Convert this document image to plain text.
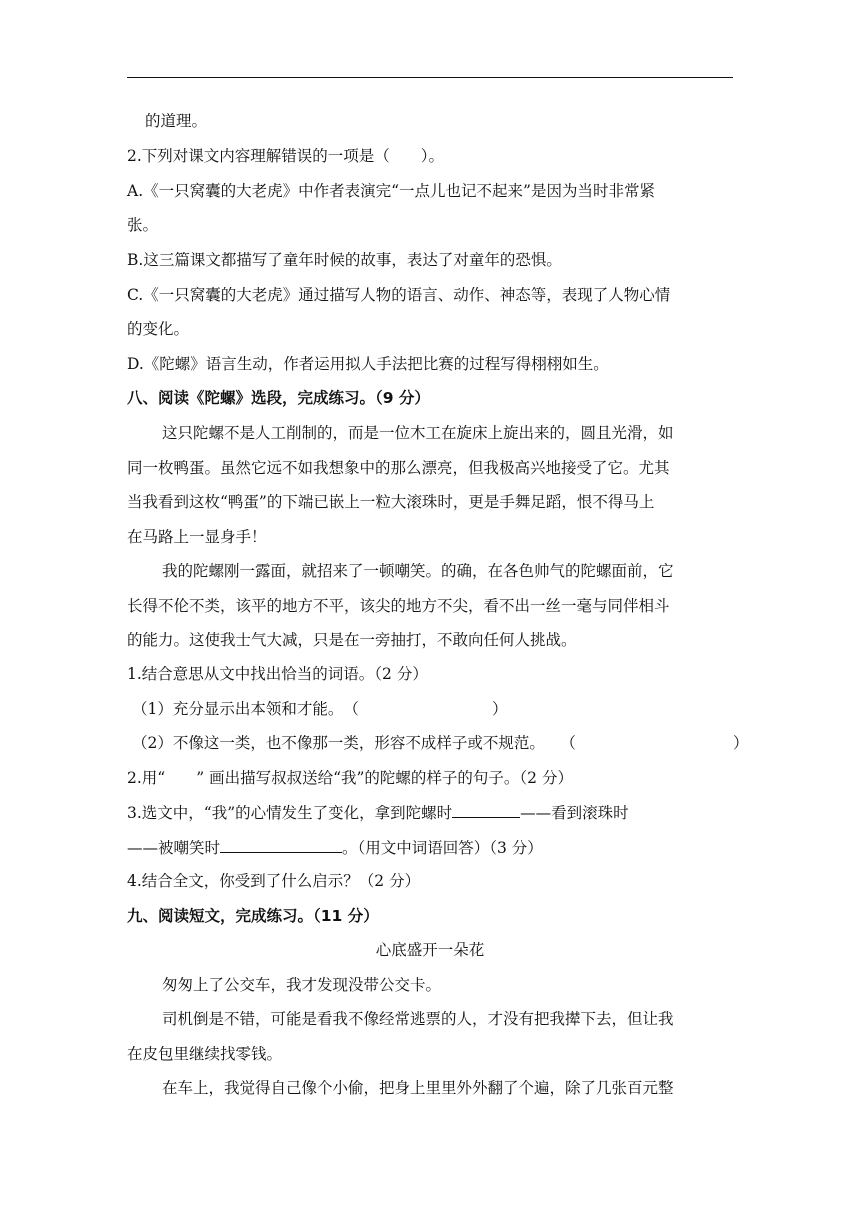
的道理。
2.下列对课文内容理解错误的一项是（　　）。
A.《一只窝囊的大老虎》中作者表演完“一点儿也记不起来”是因为当时非常紧
张。
B.这三篇课文都描写了童年时候的故事，表达了对童年的恐惧。
C.《一只窝囊的大老虎》通过描写人物的语言、动作、神态等，表现了人物心情
的变化。
D.《陀螺》语言生动，作者运用拟人手法把比赛的过程写得栩栩如生。
八、阅读《陀螺》选段，完成练习。（9 分）
这只陀螺不是人工削制的，而是一位木工在旋床上旋出来的，圆且光滑，如
同一枚鸭蛋。虽然它远不如我想象中的那么漂亮，但我极高兴地接受了它。尤其
当我看到这枚“鸭蛋”的下端已嵌上一粒大滚珠时，更是手舞足蹈，恨不得马上
在马路上一显身手！
我的陀螺刚一露面，就招来了一顿嘲笑。的确，在各色帅气的陀螺面前，它
长得不伦不类，该平的地方不平，该尖的地方不尖，看不出一丝一毫与同伴相斗
的能力。这使我士气大减，只是在一旁抽打，不敢向任何人挑战。
1.结合意思从文中找出恰当的词语。（2 分）
（1）充分显示出本领和才能。　（	）
（2）不像这一类，也不像那一类，形容不成样子或不规范。　　（	）
2.用“　　” 画出描写叔叔送给“我”的陀螺的样子的句子。（2 分）
3.选文中，“我”的心情发生了变化，拿到陀螺时	——看到滚珠时
——被嘲笑时	。（用文中词语回答）（3 分）
4.结合全文，你受到了什么启示？（2 分）
九、阅读短文，完成练习。（11 分）
心底盛开一朵花
匆匆上了公交车，我才发现没带公交卡。
司机倒是不错，可能是看我不像经常逃票的人，才没有把我撵下去，但让我
在皮包里继续找零钱。
在车上，我觉得自己像个小偷，把身上里里外外翻了个遍，除了几张百元整
